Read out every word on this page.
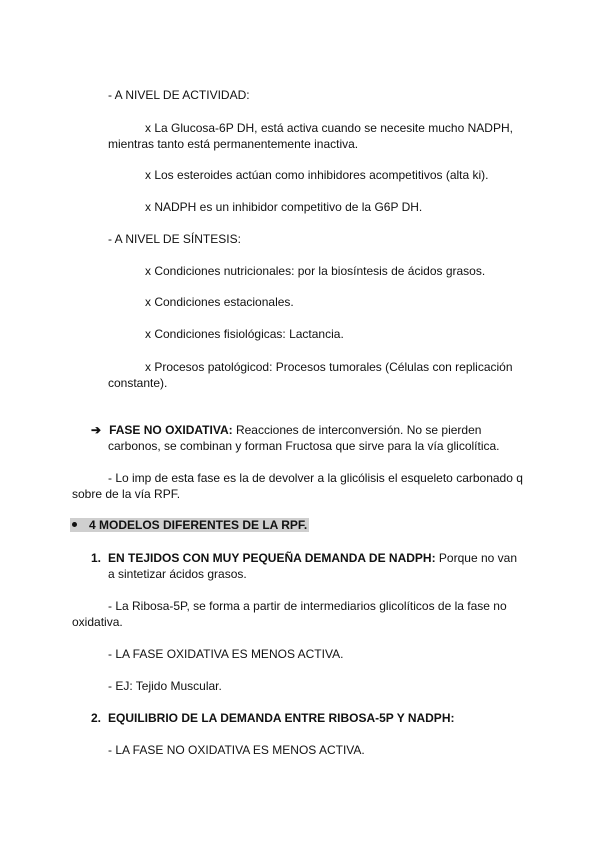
- A NIVEL DE ACTIVIDAD:
x La Glucosa-6P DH, está activa cuando se necesite mucho NADPH,
mientras tanto está permanentemente inactiva.
x Los esteroides actúan como inhibidores acompetitivos (alta ki).
x NADPH es un inhibidor competitivo de la G6P DH.
- A NIVEL DE SÍNTESIS:
x Condiciones nutricionales: por la biosíntesis de ácidos grasos.
x Condiciones estacionales.
x Condiciones fisiológicas: Lactancia.
x Procesos patológicod: Procesos tumorales (Células con replicación
constante).
➔ FASE NO OXIDATIVA: Reacciones de interconversión. No se pierden
carbonos, se combinan y forman Fructosa que sirve para la vía glicolítica.
- Lo imp de esta fase es la de devolver a la glicólisis el esqueleto carbonado q
sobre de la vía RPF.
4 MODELOS DIFERENTES DE LA RPF.
1. EN TEJIDOS CON MUY PEQUEÑA DEMANDA DE NADPH: Porque no van
a sintetizar ácidos grasos.
- La Ribosa-5P, se forma a partir de intermediarios glicolíticos de la fase no
oxidativa.
- LA FASE OXIDATIVA ES MENOS ACTIVA.
- EJ: Tejido Muscular.
2. EQUILIBRIO DE LA DEMANDA ENTRE RIBOSA-5P Y NADPH:
- LA FASE NO OXIDATIVA ES MENOS ACTIVA.
